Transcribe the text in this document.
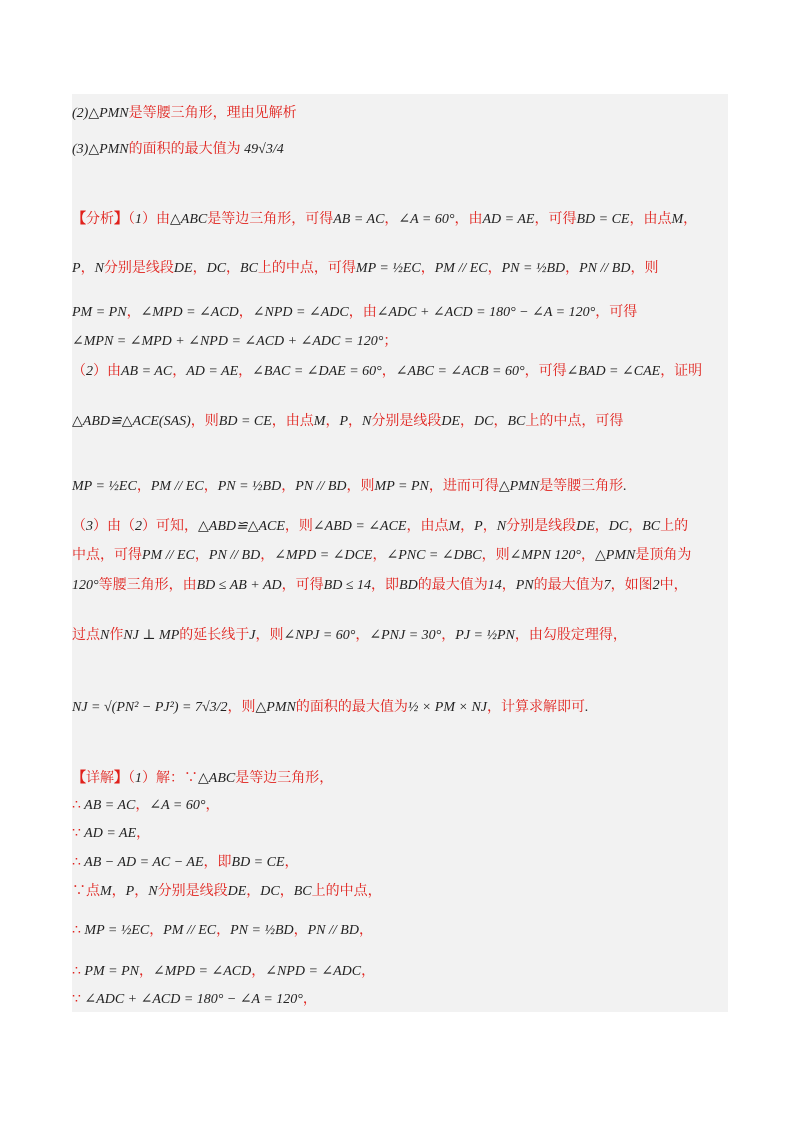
(2)△PMN是等腰三角形，理由见解析
(3)△PMN的面积的最大值为 49√3/4
【分析】（1）由△ABC是等边三角形，可得AB = AC，∠A = 60°，由AD = AE，可得BD = CE，由点M，
P，N分别是线段DE，DC，BC上的中点，可得MP = ½EC，PM // EC，PN = ½BD，PN // BD，则
PM = PN，∠MPD = ∠ACD，∠NPD = ∠ADC，由∠ADC + ∠ACD = 180° − ∠A = 120°，可得
∠MPN = ∠MPD + ∠NPD = ∠ACD + ∠ADC = 120°；
（2）由AB = AC，AD = AE，∠BAC = ∠DAE = 60°，∠ABC = ∠ACB = 60°，可得∠BAD = ∠CAE，证明
△ABD≌△ACE(SAS)，则BD = CE，由点M，P，N分别是线段DE，DC，BC上的中点，可得
MP = ½EC，PM // EC，PN = ½BD，PN // BD，则MP = PN，进而可得△PMN是等腰三角形.
（3）由（2）可知，△ABD≌△ACE，则∠ABD = ∠ACE，由点M，P，N分别是线段DE，DC，BC上的
中点，可得PM // EC，PN // BD，∠MPD = ∠DCE，∠PNC = ∠DBC，则∠MPN 120°，△PMN是顶角为
120°等腰三角形，由BD ≤ AB + AD，可得BD ≤ 14，即BD的最大值为14，PN的最大值为7，如图2中，
过点N作NJ ⊥ MP的延长线于J，则∠NPJ = 60°，∠PNJ = 30°，PJ = ½PN，由勾股定理得，
NJ = √(PN² − PJ²) = 7√3/2，则△PMN的面积的最大值为½ × PM × NJ，计算求解即可.
【详解】（1）解：∵△ABC是等边三角形，
∴ AB = AC，∠A = 60°，
∵ AD = AE，
∴ AB − AD = AC − AE，即BD = CE，
∵点M，P，N分别是线段DE，DC，BC上的中点，
∴ MP = ½EC，PM // EC，PN = ½BD，PN // BD，
∴ PM = PN，∠MPD = ∠ACD，∠NPD = ∠ADC，
∵ ∠ADC + ∠ACD = 180° − ∠A = 120°，
